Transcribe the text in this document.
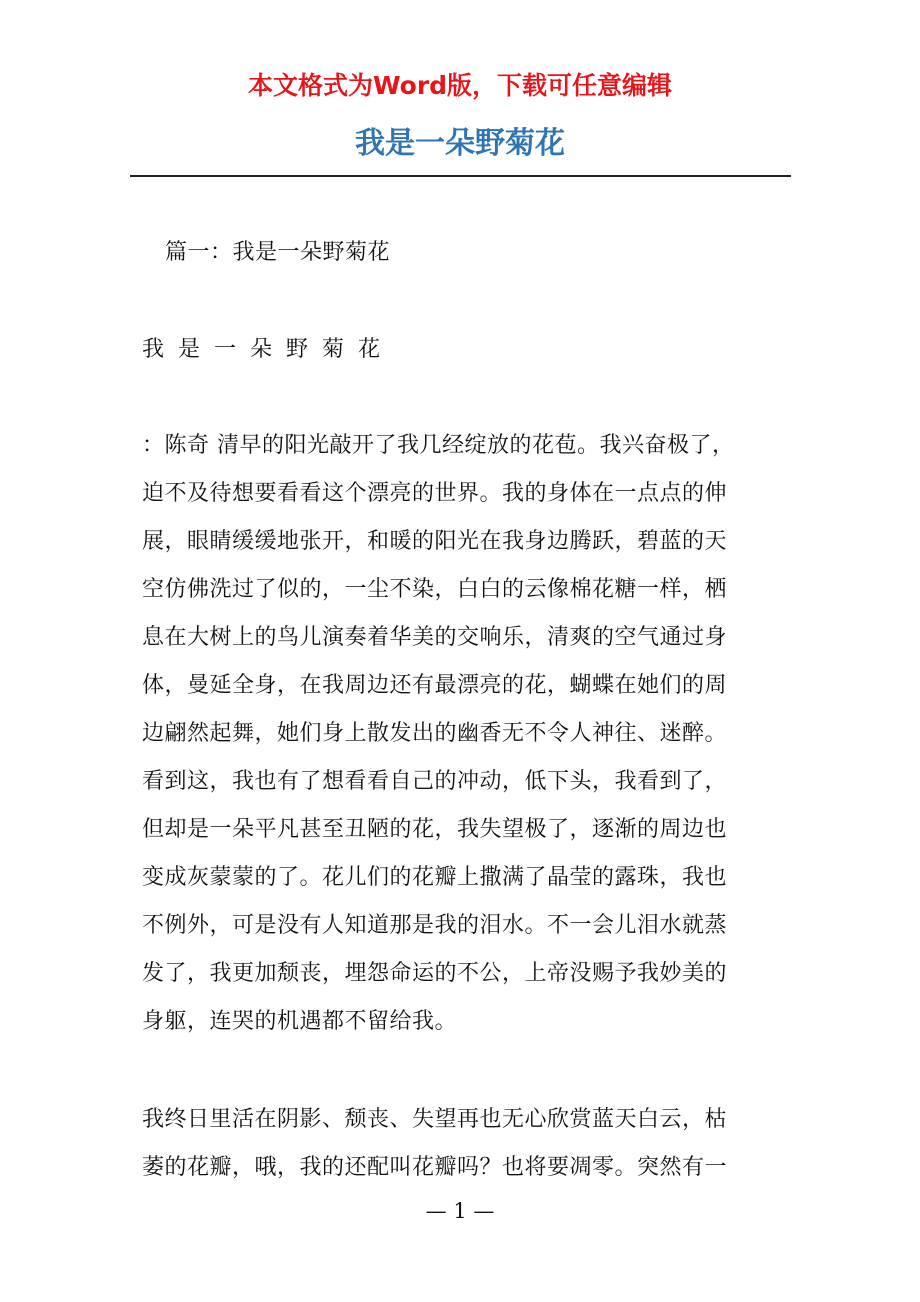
本文格式为Word版，下载可任意编辑
我是一朵野菊花

篇一：我是一朵野菊花

我是一朵野菊花

：陈奇 清早的阳光敲开了我几经绽放的花苞。我兴奋极了，
迫不及待想要看看这个漂亮的世界。我的身体在一点点的伸
展，眼睛缓缓地张开，和暖的阳光在我身边腾跃，碧蓝的天
空仿佛洗过了似的，一尘不染，白白的云像棉花糖一样，栖
息在大树上的鸟儿演奏着华美的交响乐，清爽的空气通过身
体，曼延全身，在我周边还有最漂亮的花，蝴蝶在她们的周
边翩然起舞，她们身上散发出的幽香无不令人神往、迷醉。
看到这，我也有了想看看自己的冲动，低下头，我看到了，
但却是一朵平凡甚至丑陋的花，我失望极了，逐渐的周边也
变成灰蒙蒙的了。花儿们的花瓣上撒满了晶莹的露珠，我也
不例外，可是没有人知道那是我的泪水。不一会儿泪水就蒸
发了，我更加颓丧，埋怨命运的不公，上帝没赐予我妙美的
身躯，连哭的机遇都不留给我。
我终日里活在阴影、颓丧、失望再也无心欣赏蓝天白云，枯
萎的花瓣，哦，我的还配叫花瓣吗？也将要凋零。突然有一
— 1 —
